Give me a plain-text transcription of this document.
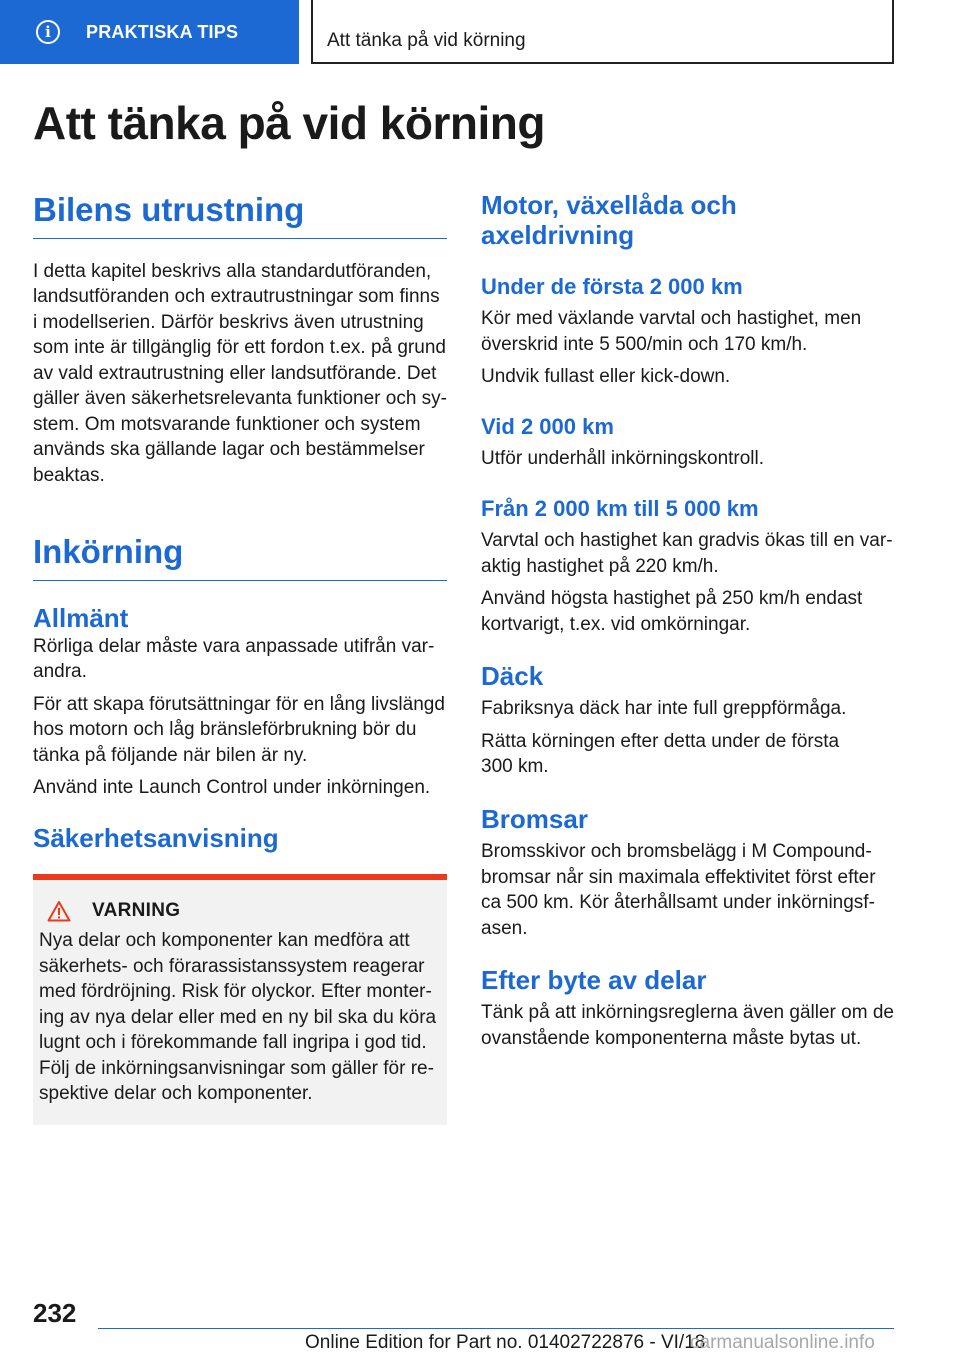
i	PRAKTISKA TIPS	Att tänka på vid körning
Att tänka på vid körning
Bilens utrustning

I detta kapitel beskrivs alla standardutföranden, landsutföranden och extrautrustningar som finns i modellserien. Därför beskrivs även utrustning som inte är tillgänglig för ett fordon t.ex. på grund av vald extrautrustning eller landsutförande. Det gäller även säkerhetsrelevanta funktioner och sy-stem. Om motsvarande funktioner och system används ska gällande lagar och bestämmelser beaktas.

Inkörning
Allmänt

Rörliga delar måste vara anpassade utifrån var-andra.

För att skapa förutsättningar för en lång livslängd hos motorn och låg bränsleförbrukning bör du tänka på följande när bilen är ny.

Använd inte Launch Control under inkörningen.

Säkerhetsanvisning
VARNING

Nya delar och komponenter kan medföra att säkerhets- och förarassistanssystem reagerar med fördröjning. Risk för olyckor. Efter monter-ing av nya delar eller med en ny bil ska du köra lugnt och i förekommande fall ingripa i god tid. Följ de inkörningsanvisningar som gäller för re-spektive delar och komponenter.

Motor, växellåda och axeldrivning
Under de första 2 000 km

Kör med växlande varvtal och hastighet, men överskrid inte 5 500/min och 170 km/h.

Undvik fullast eller kick-down.

Vid 2 000 km

Utför underhåll inkörningskontroll.

Från 2 000 km till 5 000 km

Varvtal och hastighet kan gradvis ökas till en var-aktig hastighet på 220 km/h.

Använd högsta hastighet på 250 km/h endast kortvarigt, t.ex. vid omkörningar.

Däck

Fabriksnya däck har inte full greppförmåga.

Rätta körningen efter detta under de första 300 km.

Bromsar

Bromsskivor och bromsbelägg i M Compound-bromsar når sin maximala effektivitet först efter ca 500 km. Kör återhållsamt under inkörningsf-asen.

Efter byte av delar

Tänk på att inkörningsreglerna även gäller om de ovanstående komponenterna måste bytas ut.

232
Online Edition for Part no. 01402722876 - VI/18
carmanualsonline.info
